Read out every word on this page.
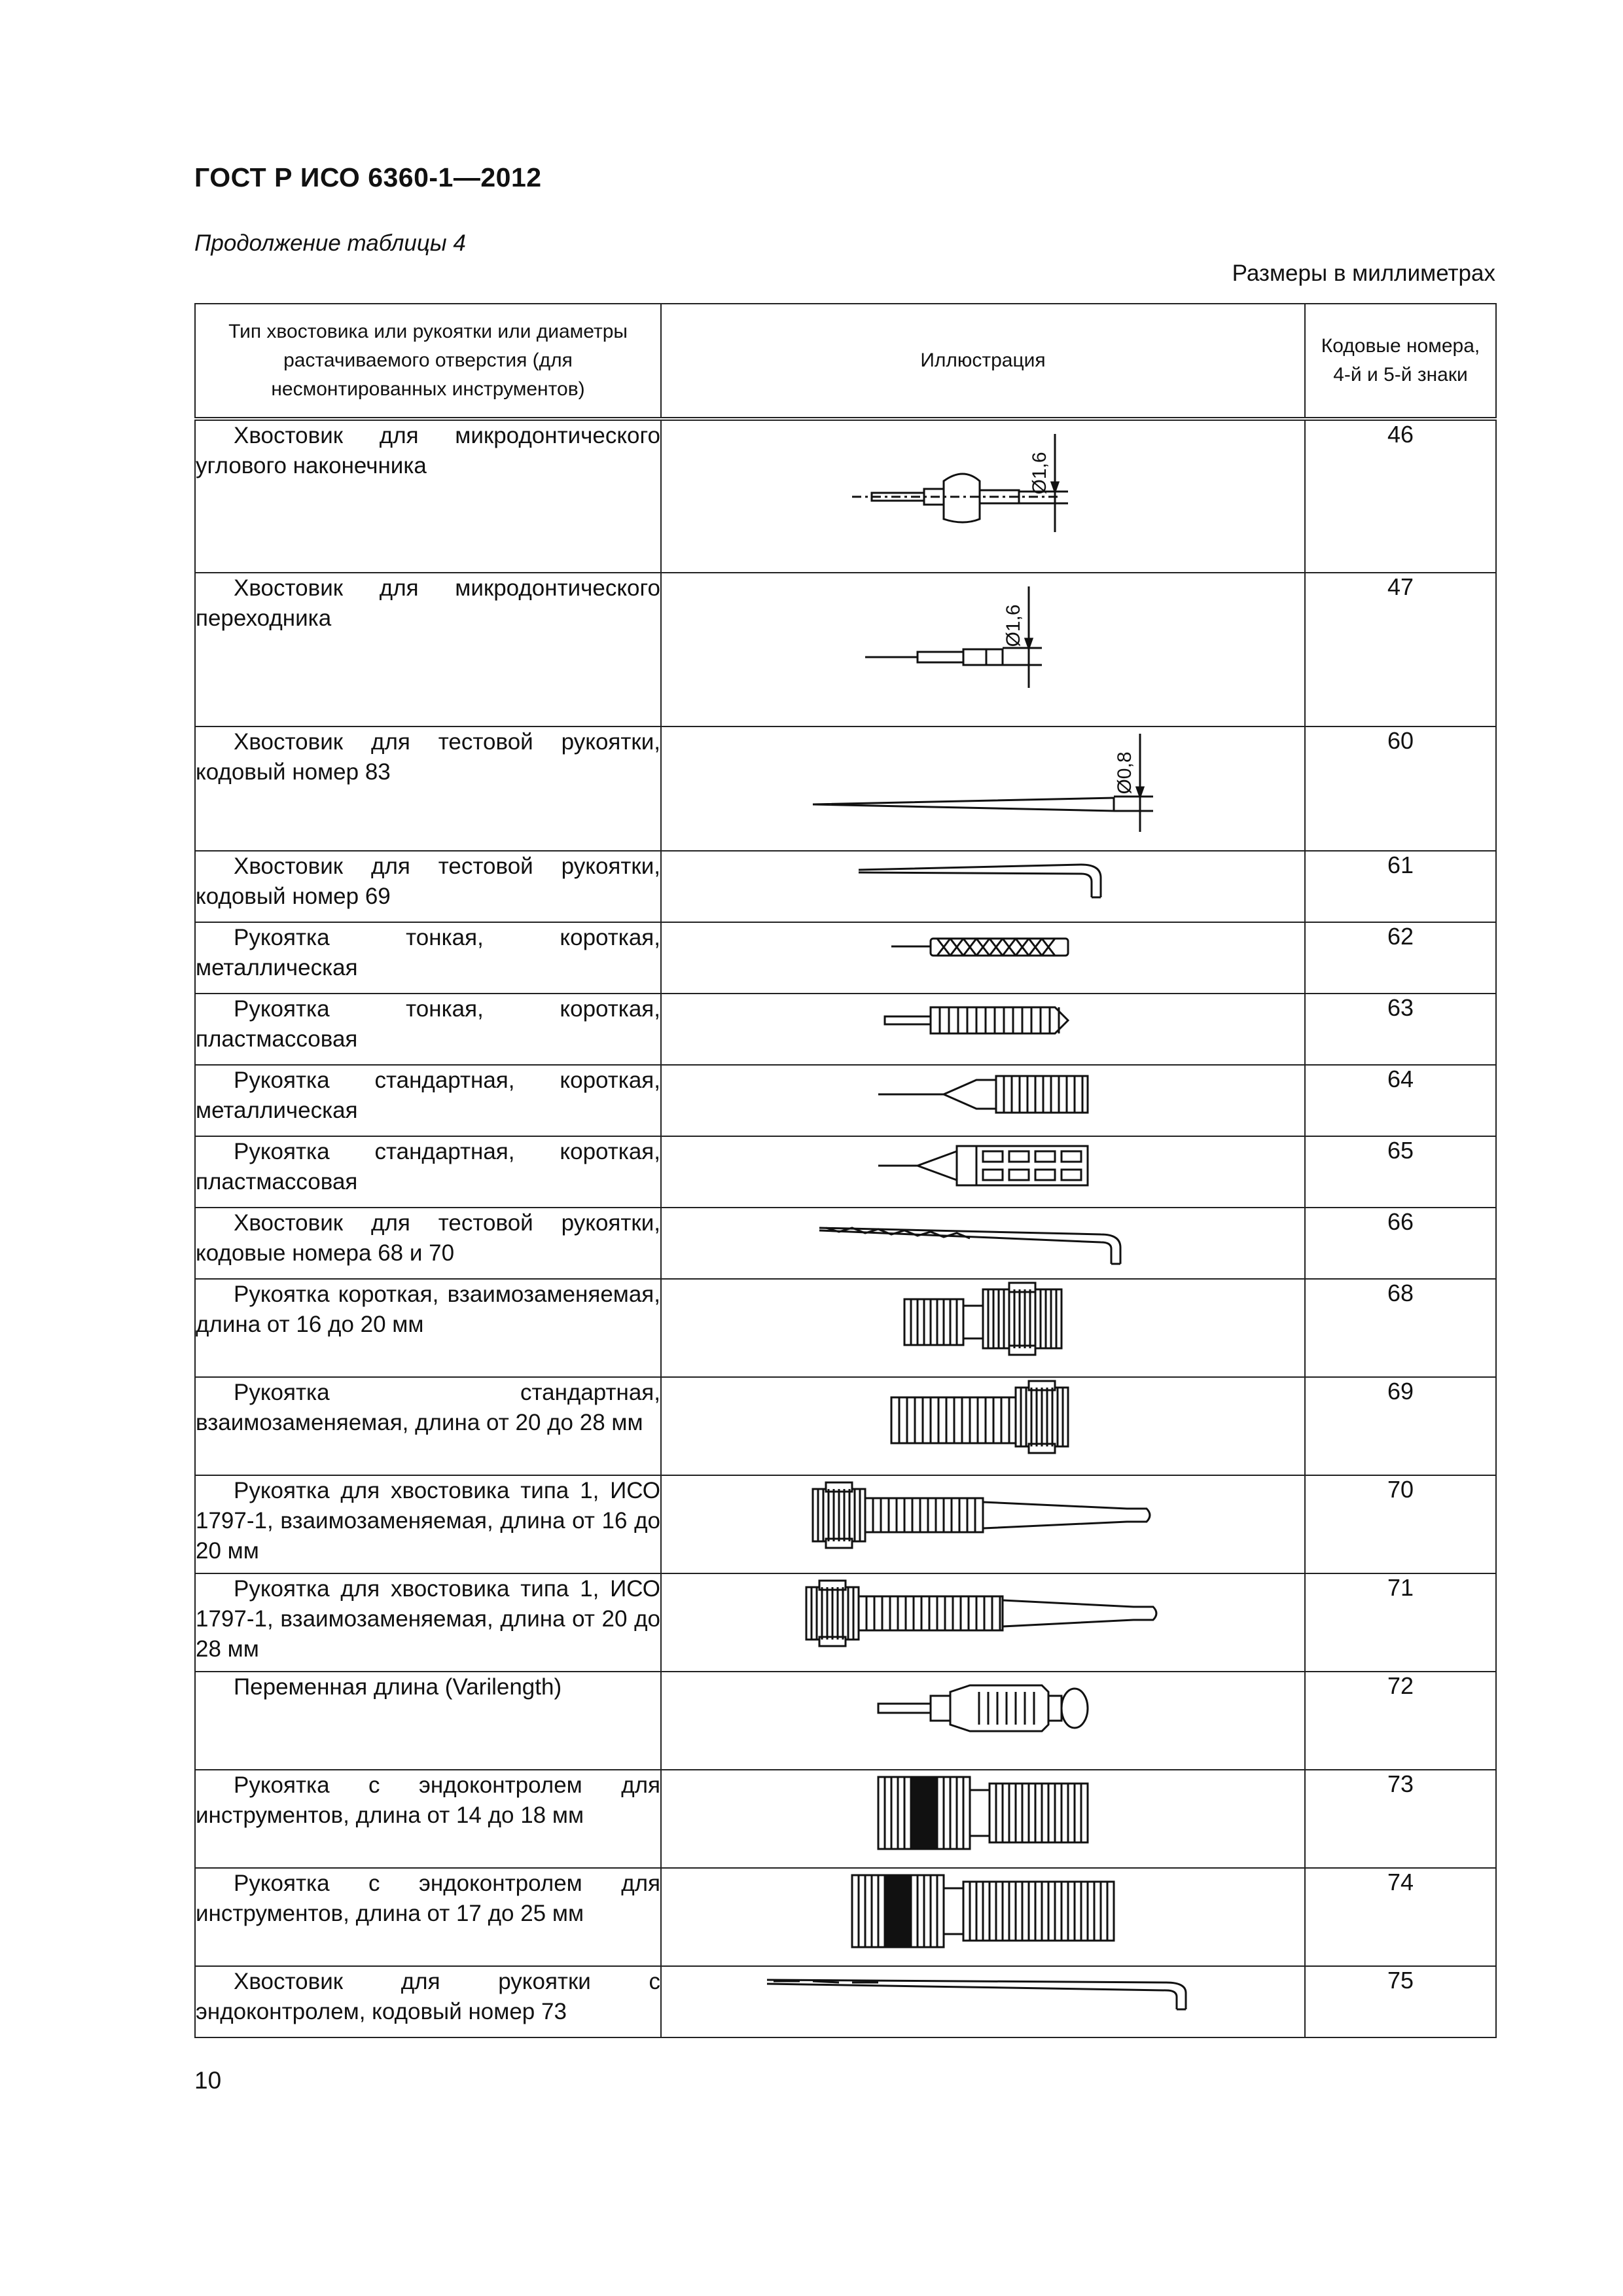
ГОСТ Р ИСО 6360-1—2012
Продолжение таблицы 4
Размеры в миллиметрах
Тип хвостовика или рукоятки или диаметры растачиваемого отверстия (для несмонтированных инструментов)	Иллюстрация	Кодовые номера, 4-й и 5-й знаки

Хвостовик для микродонтического углового наконечника	Ø1,6	46

Хвостовик для микродонтического переходника	Ø1,6	47

Хвостовик для тестовой рукоятки, кодовый номер 83	Ø0,8	60

Хвостовик для тестовой рукоятки, кодовый номер 69		61

Рукоятка тонкая, короткая, металлическая		62

Рукоятка тонкая, короткая, пластмассовая		63

Рукоятка стандартная, короткая, металлическая		64

Рукоятка стандартная, короткая, пластмассовая		65

Хвостовик для тестовой рукоятки, кодовые номера 68 и 70		66

Рукоятка короткая, взаимозаменяемая, длина от 16 до 20 мм		68

Рукоятка стандартная, взаимозаменяемая, длина от 20 до 28 мм		69

Рукоятка для хвостовика типа 1, ИСО 1797-1, взаимозаменяемая, длина от 16 до 20 мм		70

Рукоятка для хвостовика типа 1, ИСО 1797-1, взаимозаменяемая, длина от 20 до 28 мм		71

Переменная длина (Varilength)		72

Рукоятка с эндоконтролем для инструментов, длина от 14 до 18 мм		73

Рукоятка с эндоконтролем для инструментов, длина от 17 до 25 мм		74

Хвостовик для рукоятки с эндоконтролем, кодовый номер 73		75
10
